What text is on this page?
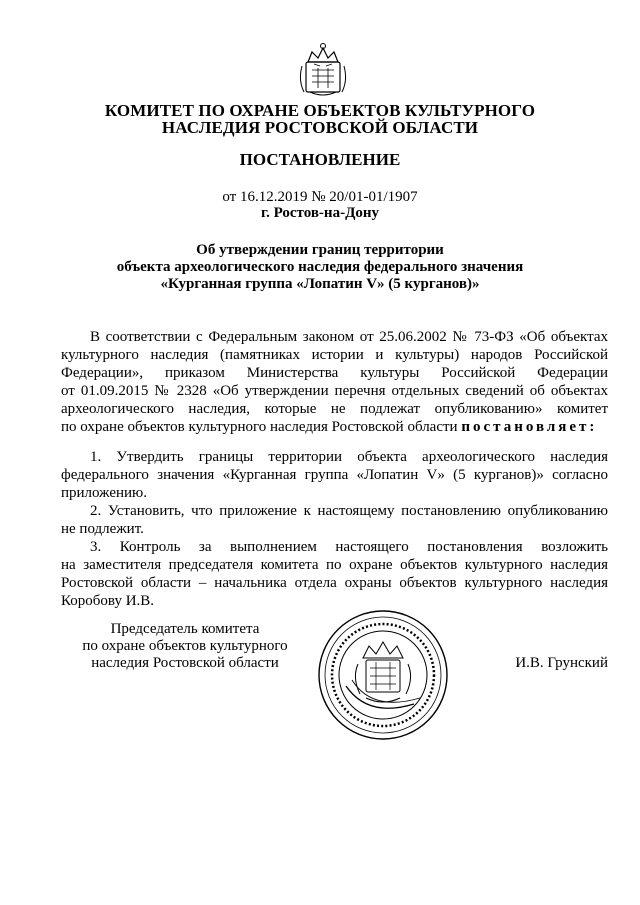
КОМИТЕТ ПО ОХРАНЕ ОБЪЕКТОВ КУЛЬТУРНОГО
НАСЛЕДИЯ РОСТОВСКОЙ ОБЛАСТИ
ПОСТАНОВЛЕНИЕ
от 16.12.2019 № 20/01-01/1907
г. Ростов-на-Дону
Об утверждении границ территории
объекта археологического наследия федерального значения
«Курганная группа «Лопатин V» (5 курганов)»
В соответствии с Федеральным законом от 25.06.2002 № 73-ФЗ «Об объектах
культурного наследия (памятниках истории и культуры) народов Российской
Федерации», приказом Министерства культуры Российской Федерации
от 01.09.2015 № 2328 «Об утверждении перечня отдельных сведений об объектах
археологического наследия, которые не подлежат опубликованию» комитет
по охране объектов культурного наследия Ростовской области постановляет:
1. Утвердить границы территории объекта археологического наследия
федерального значения «Курганная группа «Лопатин V» (5 курганов)» согласно
приложению.
2. Установить, что приложение к настоящему постановлению опубликованию
не подлежит.
3. Контроль за выполнением настоящего постановления возложить
на заместителя председателя комитета по охране объектов культурного наследия
Ростовской области – начальника отдела охраны объектов культурного наследия
Коробову И.В.
Председатель комитета
по охране объектов культурного
наследия Ростовской области	И.В. Грунский
